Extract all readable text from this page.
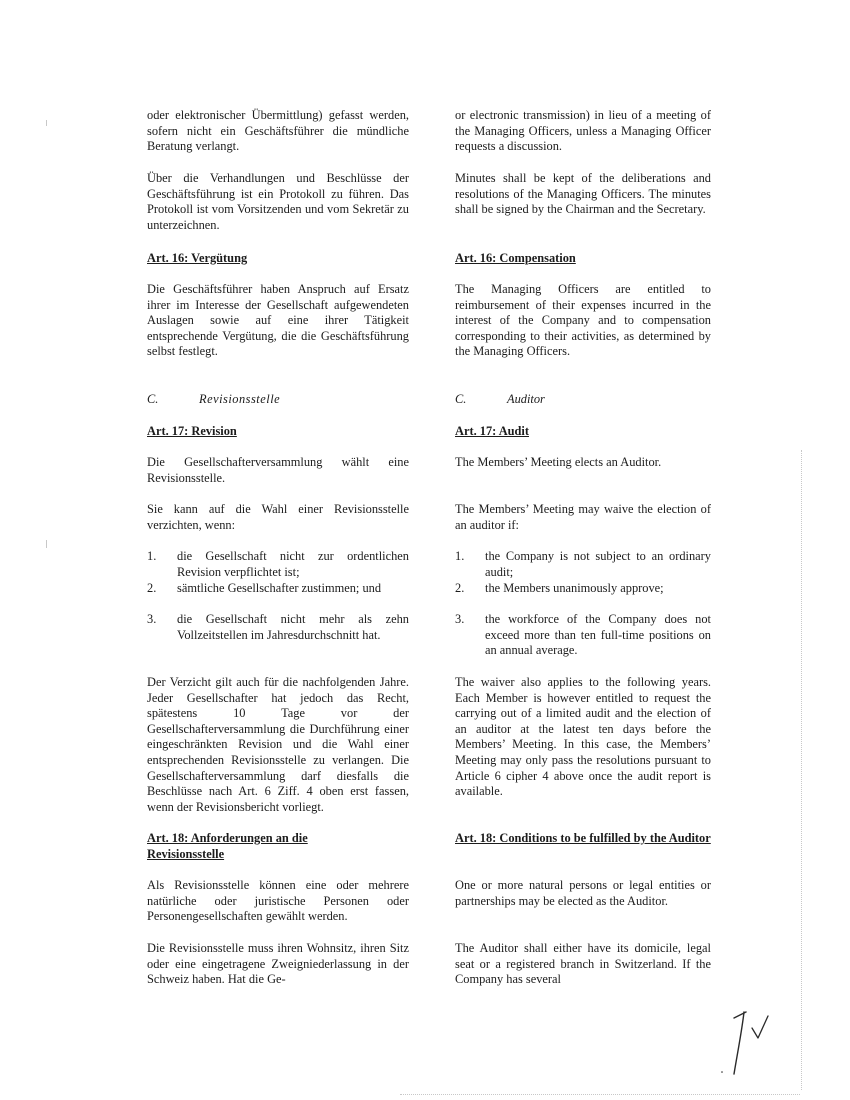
oder elektronischer Übermittlung) gefasst werden, sofern nicht ein Geschäftsführer die mündliche Beratung verlangt.

Über die Verhandlungen und Beschlüsse der Geschäftsführung ist ein Protokoll zu führen. Das Protokoll ist vom Vorsitzenden und vom Sekretär zu unterzeichnen.

Art. 16: Vergütung

Die Geschäftsführer haben Anspruch auf Ersatz ihrer im Interesse der Gesellschaft aufgewendeten Auslagen sowie auf eine ihrer Tätigkeit entsprechende Vergütung, die die Geschäftsführung selbst festlegt.

C.	Revisionsstelle

Art. 17: Revision

Die Gesellschafterversammlung wählt eine Revisionsstelle.

Sie kann auf die Wahl einer Revisionsstelle verzichten, wenn:

1.	die Gesellschaft nicht zur ordentlichen Revision verpflichtet ist;
2.	sämtliche Gesellschafter zustimmen; und
3.	die Gesellschaft nicht mehr als zehn Vollzeitstellen im Jahresdurchschnitt hat.

Der Verzicht gilt auch für die nachfolgenden Jahre. Jeder Gesellschafter hat jedoch das Recht, spätestens 10 Tage vor der Gesellschafterversammlung die Durchführung einer eingeschränkten Revision und die Wahl einer entsprechenden Revisionsstelle zu verlangen. Die Gesellschafterversammlung darf diesfalls die Beschlüsse nach Art. 6 Ziff. 4 oben erst fassen, wenn der Revisionsbericht vorliegt.

Art. 18: Anforderungen an die Revisionsstelle

Als Revisionsstelle können eine oder mehrere natürliche oder juristische Personen oder Personengesellschaften gewählt werden.

Die Revisionsstelle muss ihren Wohnsitz, ihren Sitz oder eine eingetragene Zweigniederlassung in der Schweiz haben. Hat die Ge-

or electronic transmission) in lieu of a meeting of the Managing Officers, unless a Managing Officer requests a discussion.

Minutes shall be kept of the deliberations and resolutions of the Managing Officers. The minutes shall be signed by the Chairman and the Secretary.

Art. 16: Compensation

The Managing Officers are entitled to reimbursement of their expenses incurred in the interest of the Company and to compensation corresponding to their activities, as determined by the Managing Officers.

C.	Auditor

Art. 17: Audit

The Members’ Meeting elects an Auditor.

The Members’ Meeting may waive the election of an auditor if:

1.	the Company is not subject to an ordinary audit;
2.	the Members unanimously approve;
3.	the workforce of the Company does not exceed more than ten full-time positions on an annual average.

The waiver also applies to the following years. Each Member is however entitled to request the carrying out of a limited audit and the election of an auditor at the latest ten days before the Members’ Meeting. In this case, the Members’ Meeting may only pass the resolutions pursuant to Article 6 cipher 4 above once the audit report is available.

Art. 18: Conditions to be fulfilled by the Auditor

One or more natural persons or legal entities or partnerships may be elected as the Auditor.

The Auditor shall either have its domicile, legal seat or a registered branch in Switzerland. If the Company has several
